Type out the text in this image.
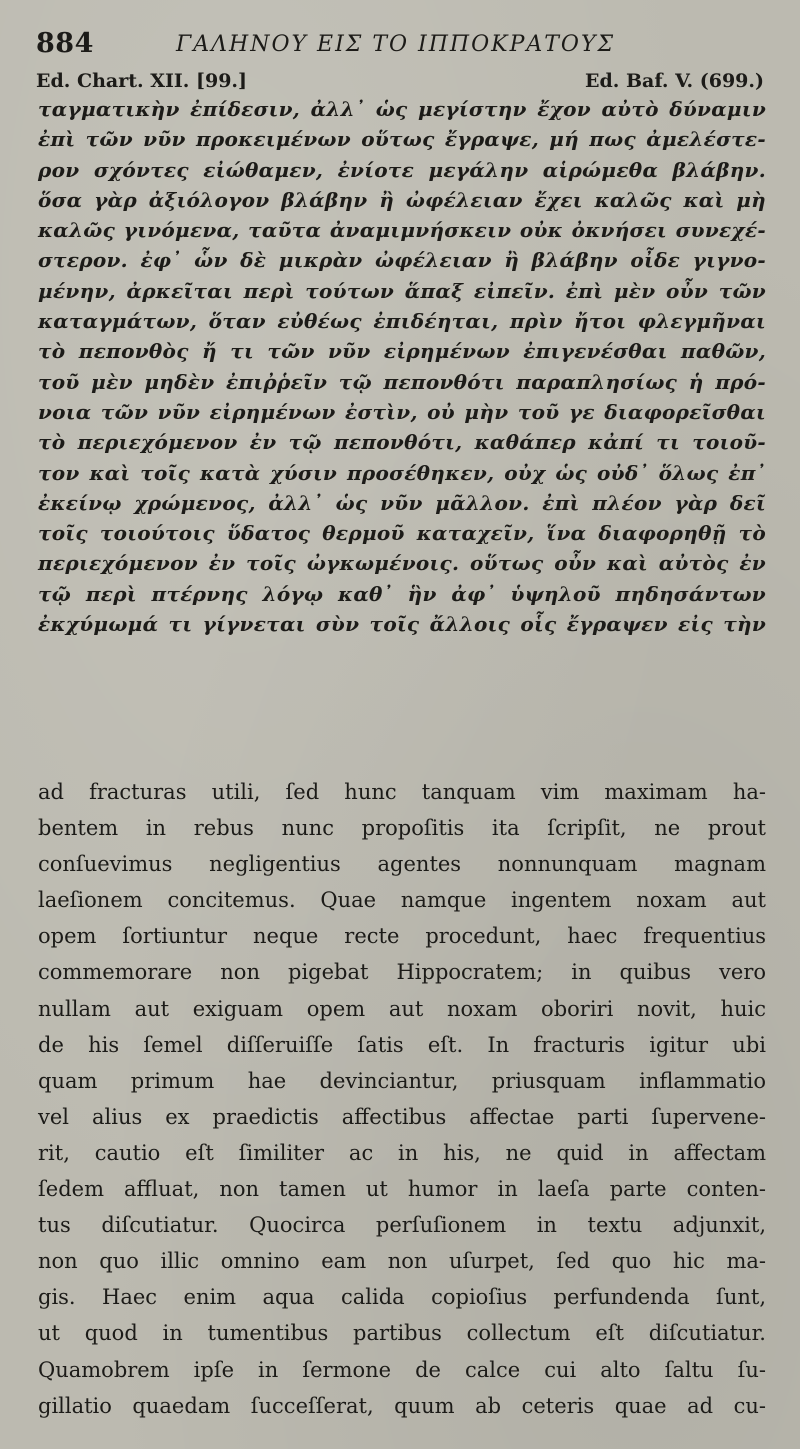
884	ΓΑΛΗΝΟΥ ΕΙΣ ΤΟ ΙΠΠΟΚΡΑΤΟΥΣ
Ed. Chart. XII. [99.]	Ed. Baf. V. (699.)
ταγματικὴν ἐπίδεσιν, ἀλλ᾽ ὡς μεγίστην ἔχον αὐτὸ δύναμιν
ἐπὶ τῶν νῦν προκειμένων οὕτως ἔγραψε, μή πως ἀμελέστε-
ρον σχόντες εἰώθαμεν, ἐνίοτε μεγάλην αἱρώμεθα βλάβην.
ὅσα γὰρ ἀξιόλογον βλάβην ἢ ὠφέλειαν ἔχει καλῶς καὶ μὴ
καλῶς γινόμενα, ταῦτα ἀναμιμνήσκειν οὐκ ὀκνήσει συνεχέ-
στερον. ἐφ᾽ ὧν δὲ μικρὰν ὠφέλειαν ἢ βλάβην οἶδε γιγνο-
μένην, ἀρκεῖται περὶ τούτων ἅπαξ εἰπεῖν. ἐπὶ μὲν οὖν τῶν
καταγμάτων, ὅταν εὐθέως ἐπιδέηται, πρὶν ἤτοι φλεγμῆναι
τὸ πεπονθὸς ἤ τι τῶν νῦν εἰρημένων ἐπιγενέσθαι παθῶν,
τοῦ μὲν μηδὲν ἐπιῤῥεῖν τῷ πεπονθότι παραπλησίως ἡ πρό-
νοια τῶν νῦν εἰρημένων ἐστὶν, οὐ μὴν τοῦ γε διαφορεῖσθαι
τὸ περιεχόμενον ἐν τῷ πεπονθότι, καθάπερ κἀπί τι τοιοῦ-
τον καὶ τοῖς κατὰ χύσιν προσέθηκεν, οὐχ ὡς οὐδ᾽ ὅλως ἐπ᾽
ἐκείνῳ χρώμενος, ἀλλ᾽ ὡς νῦν μᾶλλον. ἐπὶ πλέον γὰρ δεῖ
τοῖς τοιούτοις ὕδατος θερμοῦ καταχεῖν, ἵνα διαφορηθῇ τὸ
περιεχόμενον ἐν τοῖς ὠγκωμένοις. οὕτως οὖν καὶ αὐτὸς ἐν
τῷ περὶ πτέρνης λόγῳ καθ᾽ ἣν ἀφ᾽ ὑψηλοῦ πηδησάντων
ἐκχύμωμά τι γίγνεται σὺν τοῖς ἄλλοις οἷς ἔγραψεν εἰς τὴν
ad fracturas utili, ſed hunc tanquam vim maximam ha-
bentem in rebus nunc propoſitis ita ſcripſit, ne prout
conſuevimus negligentius agentes nonnunquam magnam
laeſionem concitemus. Quae namque ingentem noxam aut
opem ſortiuntur neque recte procedunt, haec frequentius
commemorare non pigebat Hippocratem; in quibus vero
nullam aut exiguam opem aut noxam oboriri novit, huic
de his ſemel diſſeruiſſe ſatis eſt. In fracturis igitur ubi
quam primum hae devinciantur, priusquam inflammatio
vel alius ex praedictis affectibus affectae parti ſupervene-
rit, cautio eſt ſimiliter ac in his, ne quid in affectam
ſedem affluat, non tamen ut humor in laeſa parte conten-
tus diſcutiatur. Quocirca perſuſionem in textu adjunxit,
non quo illic omnino eam non uſurpet, ſed quo hic ma-
gis. Haec enim aqua calida copioſius perfundenda ſunt,
ut quod in tumentibus partibus collectum eſt diſcutiatur.
Quamobrem ipſe in ſermone de calce cui alto ſaltu ſu-
gillatio quaedam ſucceſſerat, quum ab ceteris quae ad cu-
